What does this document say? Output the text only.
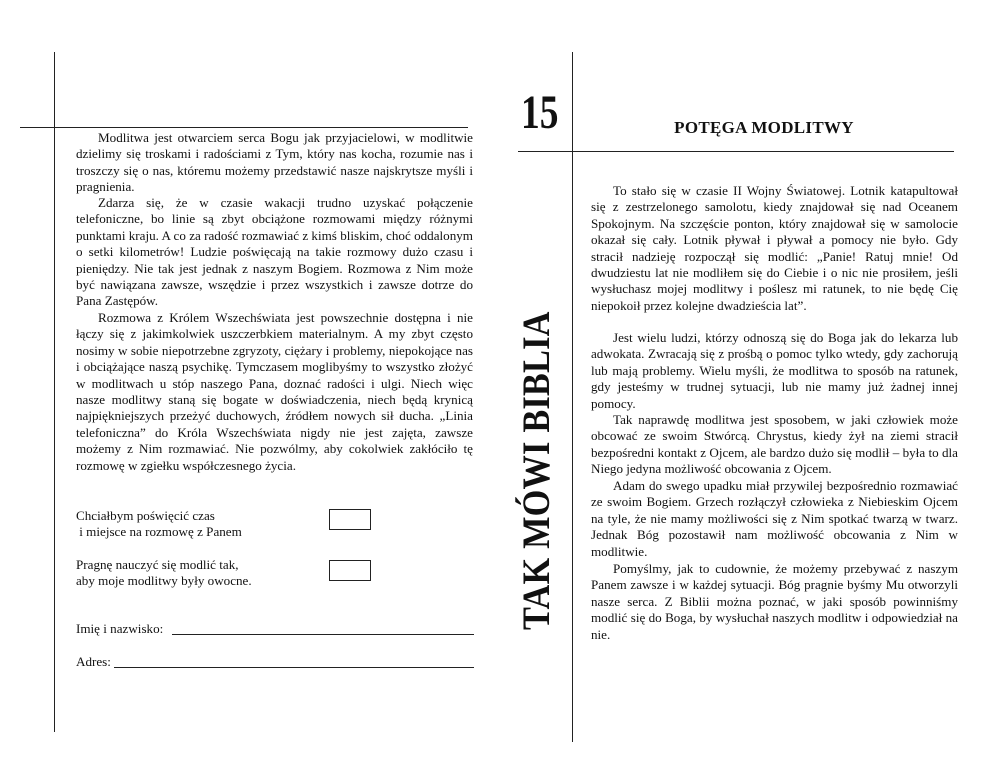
Modlitwa jest otwarciem serca Bogu jak przyjacielowi, w modlitwie dzielimy się troskami i radościami z Tym, który nas kocha, rozumie nas i troszczy się o nas, któremu możemy przedstawić nasze najskrytsze myśli i pragnienia.

Zdarza się, że w czasie wakacji trudno uzyskać połączenie telefoniczne, bo linie są zbyt obciążone rozmowami między różnymi punktami kraju. A co za radość rozmawiać z kimś bliskim, choć oddalonym o setki kilometrów! Ludzie poświęcają na takie rozmowy dużo czasu i pieniędzy. Nie tak jest jednak z naszym Bogiem. Rozmowa z Nim może być nawiązana zawsze, wszędzie i przez wszystkich i zawsze dotrze do Pana Zastępów.

Rozmowa z Królem Wszechświata jest powszechnie dostępna i nie łączy się z jakimkolwiek uszczerbkiem materialnym. A my zbyt często nosimy w sobie niepotrzebne zgryzoty, ciężary i problemy, niepokojące nas i obciążające naszą psychikę. Tymczasem moglibyśmy to wszystko złożyć w modlitwach u stóp naszego Pana, doznać radości i ulgi. Niech więc nasze modlitwy staną się bogate w doświadczenia, niech będą krynicą najpiękniejszych przeżyć duchowych, źródłem nowych sił ducha. „Linia telefoniczna” do Króla Wszechświata nigdy nie jest zajęta, zawsze możemy z Nim rozmawiać. Nie pozwólmy, aby cokolwiek zakłóciło tę rozmowę w zgiełku współczesnego życia.

Chciałbym poświęcić czas
i miejsce na rozmowę z Panem
Pragnę nauczyć się modlić tak,
aby moje modlitwy były owocne.
Imię i nazwisko:
Adres:
15	POTĘGA MODLITWY
TAK MÓWI BIBLIA

To stało się w czasie II Wojny Światowej. Lotnik katapultował się z zestrzelonego samolotu, kiedy znajdował się nad Oceanem Spokojnym. Na szczęście ponton, który znajdował się w samolocie okazał się cały. Lotnik pływał i pływał a pomocy nie było. Gdy stracił nadzieję rozpoczął się modlić: „Panie! Ratuj mnie! Od dwudziestu lat nie modliłem się do Ciebie i o nic nie prosiłem, jeśli wysłuchasz mojej modlitwy i poślesz mi ratunek, to nie będę Cię niepokoił przez kolejne dwadzieścia lat”.

Jest wielu ludzi, którzy odnoszą się do Boga jak do lekarza lub adwokata. Zwracają się z prośbą o pomoc tylko wtedy, gdy zachorują lub mają problemy. Wielu myśli, że modlitwa to sposób na ratunek, gdy jesteśmy w trudnej sytuacji, lub nie mamy już żadnej innej pomocy.

Tak naprawdę modlitwa jest sposobem, w jaki człowiek może obcować ze swoim Stwórcą. Chrystus, kiedy żył na ziemi stracił bezpośredni kontakt z Ojcem, ale bardzo dużo się modlił – była to dla Niego jedyna możliwość obcowania z Ojcem.

Adam do swego upadku miał przywilej bezpośrednio rozmawiać ze swoim Bogiem. Grzech rozłączył człowieka z Niebieskim Ojcem na tyle, że nie mamy możliwości się z Nim spotkać twarzą w twarz. Jednak Bóg pozostawił nam możliwość obcowania z Nim w modlitwie.

Pomyślmy, jak to cudownie, że możemy przebywać z naszym Panem zawsze i w każdej sytuacji. Bóg pragnie byśmy Mu otworzyli nasze serca. Z Biblii można poznać, w jaki sposób powinniśmy modlić się do Boga, by wysłuchał naszych modlitw i odpowiedział na nie.
